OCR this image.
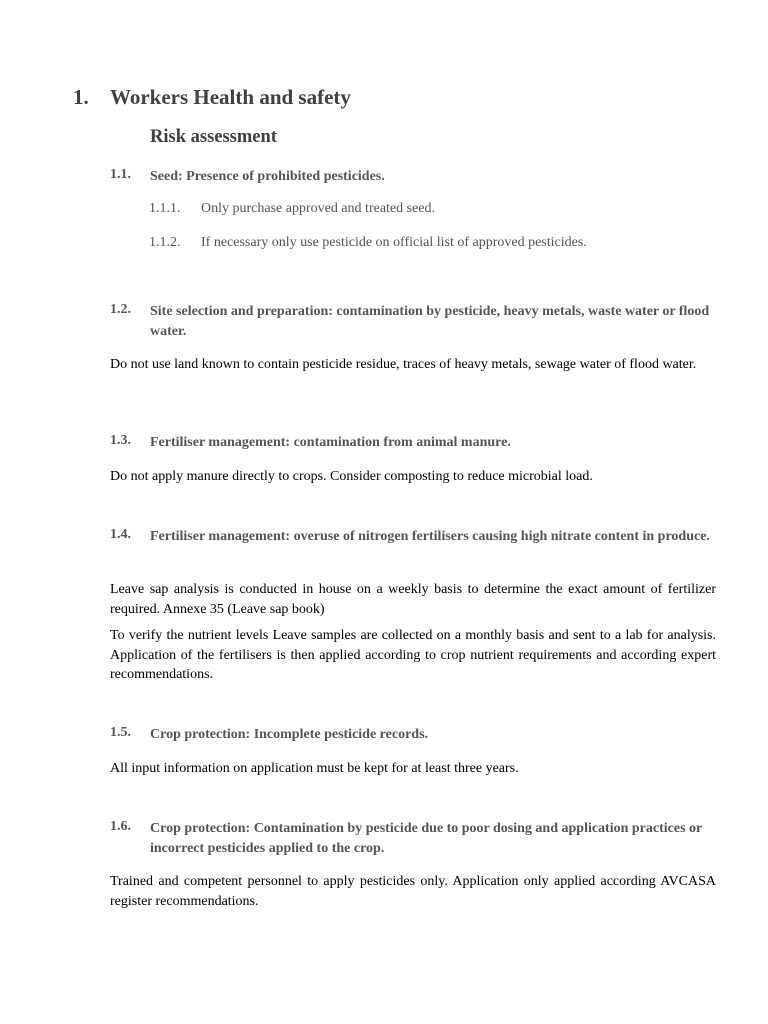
1. Workers Health and safety
Risk assessment
1.1. Seed: Presence of prohibited pesticides.
1.1.1. Only purchase approved and treated seed.
1.1.2. If necessary only use pesticide on official list of approved pesticides.
1.2. Site selection and preparation: contamination by pesticide, heavy metals, waste water or flood water.
Do not use land known to contain pesticide residue, traces of heavy metals, sewage water of flood water.
1.3. Fertiliser management: contamination from animal manure.
Do not apply manure directly to crops. Consider composting to reduce microbial load.
1.4. Fertiliser management: overuse of nitrogen fertilisers causing high nitrate content in produce.
Leave sap analysis is conducted in house on a weekly basis to determine the exact amount of fertilizer required. Annexe 35 (Leave sap book)
To verify the nutrient levels Leave samples are collected on a monthly basis and sent to a lab for analysis. Application of the fertilisers is then applied according to crop nutrient requirements and according expert recommendations.
1.5. Crop protection: Incomplete pesticide records.
All input information on application must be kept for at least three years.
1.6. Crop protection: Contamination by pesticide due to poor dosing and application practices or incorrect pesticides applied to the crop.
Trained and competent personnel to apply pesticides only. Application only applied according AVCASA register recommendations.
